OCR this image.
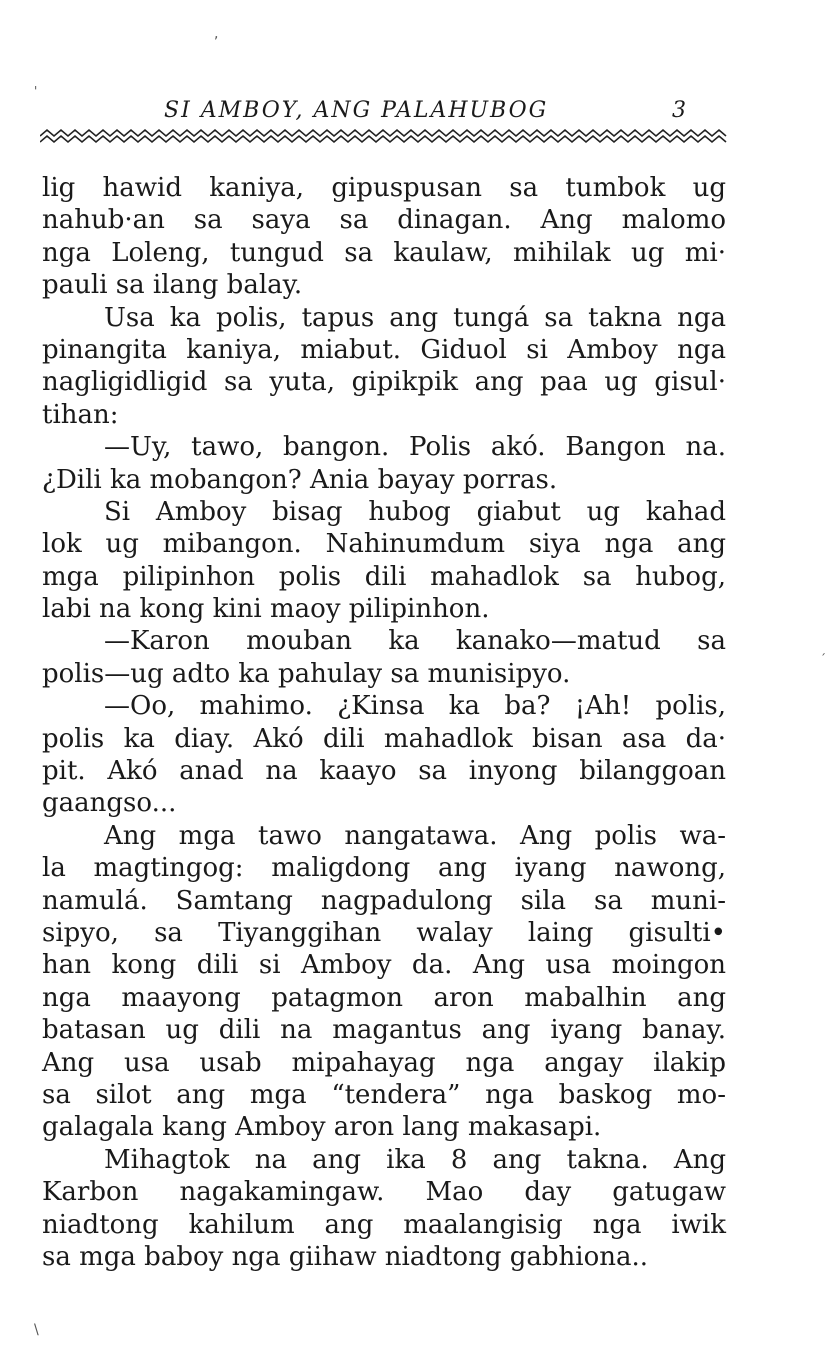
SI AMBOY, ANG PALAHUBOG	3
lig hawid kaniya, gipuspusan sa tumbok ug
nahub·an sa saya sa dinagan. Ang malomo
nga Loleng, tungud sa kaulaw, mihilak ug mi·
pauli sa ilang balay.
Usa ka polis, tapus ang tungá sa takna nga
pinangita kaniya, miabut. Giduol si Amboy nga
nagligidligid sa yuta, gipikpik ang paa ug gisul·
tihan:
—Uy, tawo, bangon. Polis akó. Bangon na.
¿Dili ka mobangon? Ania bayay porras.
Si Amboy bisag hubog giabut ug kahad
lok ug mibangon. Nahinumdum siya nga ang
mga pilipinhon polis dili mahadlok sa hubog,
labi na kong kini maoy pilipinhon.
—Karon mouban ka kanako—matud sa
polis—ug adto ka pahulay sa munisipyo.
—Oo, mahimo. ¿Kinsa ka ba? ¡Ah! polis,
polis ka diay. Akó dili mahadlok bisan asa da·
pit. Akó anad na kaayo sa inyong bilanggoan
gaangso...
Ang mga tawo nangatawa. Ang polis wa-
la magtingog: maligdong ang iyang nawong,
namulá. Samtang nagpadulong sila sa muni-
sipyo, sa Tiyanggihan walay laing gisulti•
han kong dili si Amboy da. Ang usa moingon
nga maayong patagmon aron mabalhin ang
batasan ug dili na magantus ang iyang banay.
Ang usa usab mipahayag nga angay ilakip
sa silot ang mga “tendera” nga baskog mo-
galagala kang Amboy aron lang makasapi.
Mihagtok na ang ika 8 ang takna. Ang
Karbon nagakamingaw. Mao day gatugaw
niadtong kahilum ang maalangisig nga iwik
sa mga baboy nga giihaw niadtong gabhiona..
,
'
\
´
